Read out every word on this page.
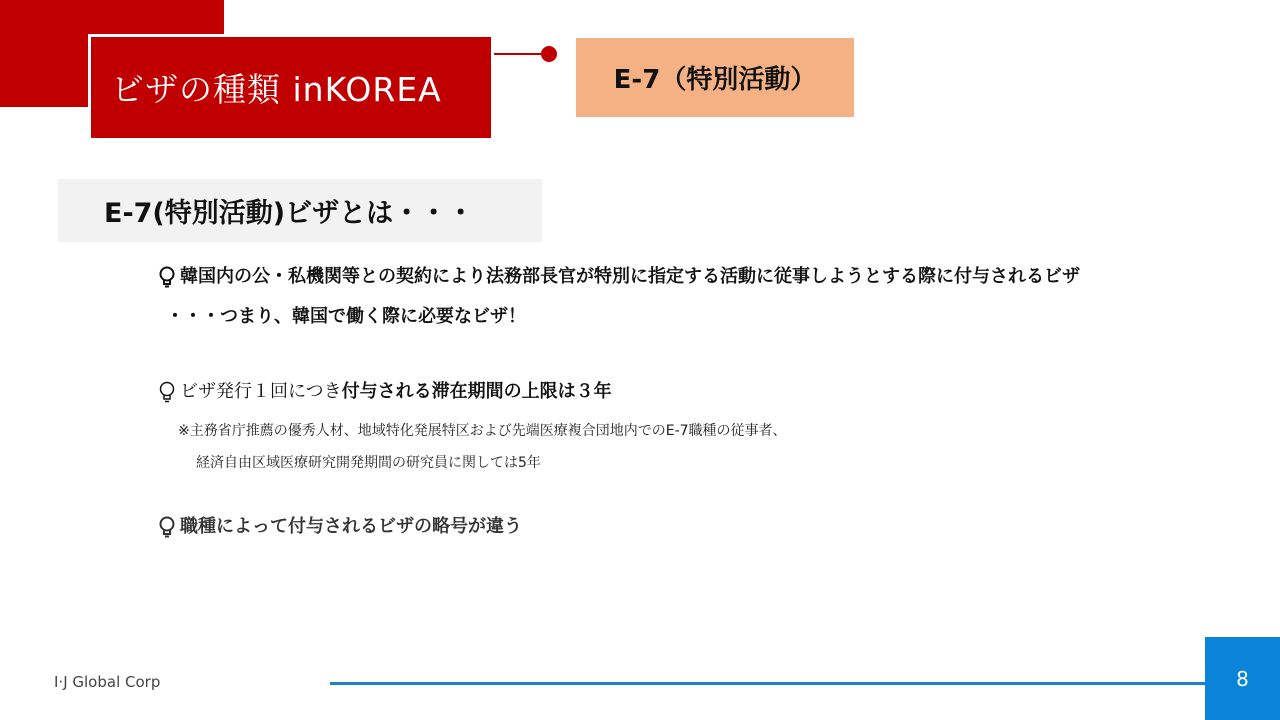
ビザの種類 inKOREA	E-7（特別活動）
E-7(特別活動)ビザとは・・・
韓国内の公・私機関等との契約により法務部長官が特別に指定する活動に従事しようとする際に付与されるビザ
・・・つまり、韓国で働く際に必要なビザ！
ビザ発行１回につき付与される滞在期間の上限は３年
※主務省庁推薦の優秀人材、地域特化発展特区および先端医療複合団地内でのE-7職種の従事者、
経済自由区域医療研究開発期間の研究員に関しては5年
職種によって付与されるビザの略号が違う
I·J Global Corp	8
